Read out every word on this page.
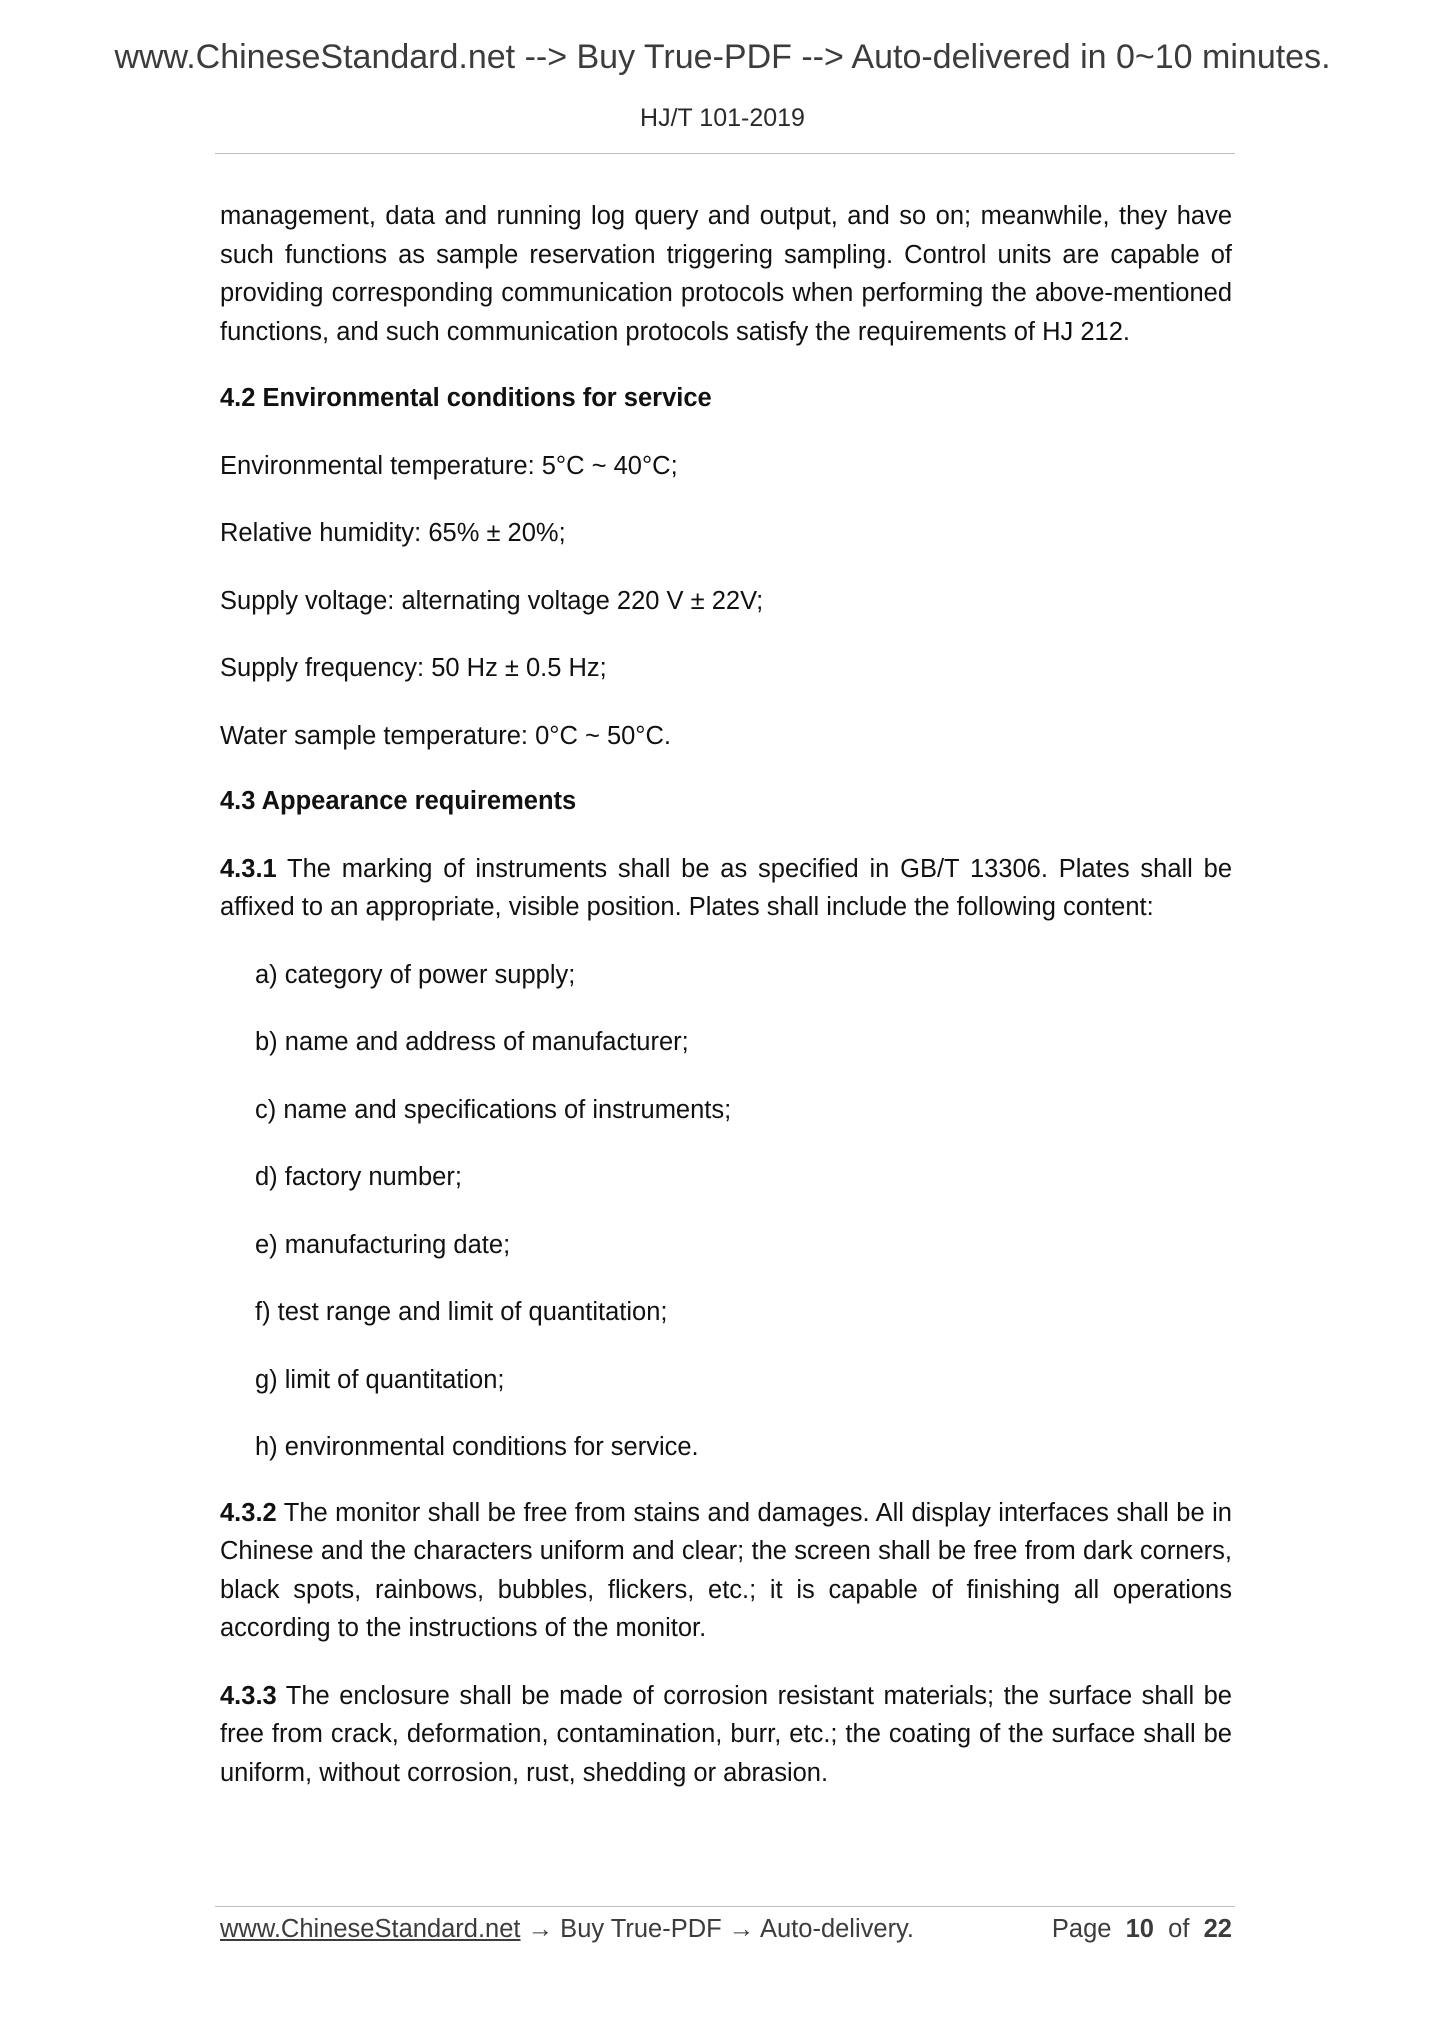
www.ChineseStandard.net --> Buy True-PDF --> Auto-delivered in 0~10 minutes.
HJ/T 101-2019

management, data and running log query and output, and so on; meanwhile, they have such functions as sample reservation triggering sampling. Control units are capable of providing corresponding communication protocols when performing the above-mentioned functions, and such communication protocols satisfy the requirements of HJ 212.

4.2 Environmental conditions for service

Environmental temperature: 5°C ~ 40°C;

Relative humidity: 65% ± 20%;

Supply voltage: alternating voltage 220 V ± 22V;

Supply frequency: 50 Hz ± 0.5 Hz;

Water sample temperature: 0°C ~ 50°C.

4.3 Appearance requirements

4.3.1 The marking of instruments shall be as specified in GB/T 13306. Plates shall be affixed to an appropriate, visible position. Plates shall include the following content:

a) category of power supply;

b) name and address of manufacturer;

c) name and specifications of instruments;

d) factory number;

e) manufacturing date;

f) test range and limit of quantitation;

g) limit of quantitation;

h) environmental conditions for service.

4.3.2 The monitor shall be free from stains and damages. All display interfaces shall be in Chinese and the characters uniform and clear; the screen shall be free from dark corners, black spots, rainbows, bubbles, flickers, etc.; it is capable of finishing all operations according to the instructions of the monitor.

4.3.3 The enclosure shall be made of corrosion resistant materials; the surface shall be free from crack, deformation, contamination, burr, etc.; the coating of the surface shall be uniform, without corrosion, rust, shedding or abrasion.

www.ChineseStandard.net → Buy True-PDF → Auto-delivery.	Page 10 of 22
